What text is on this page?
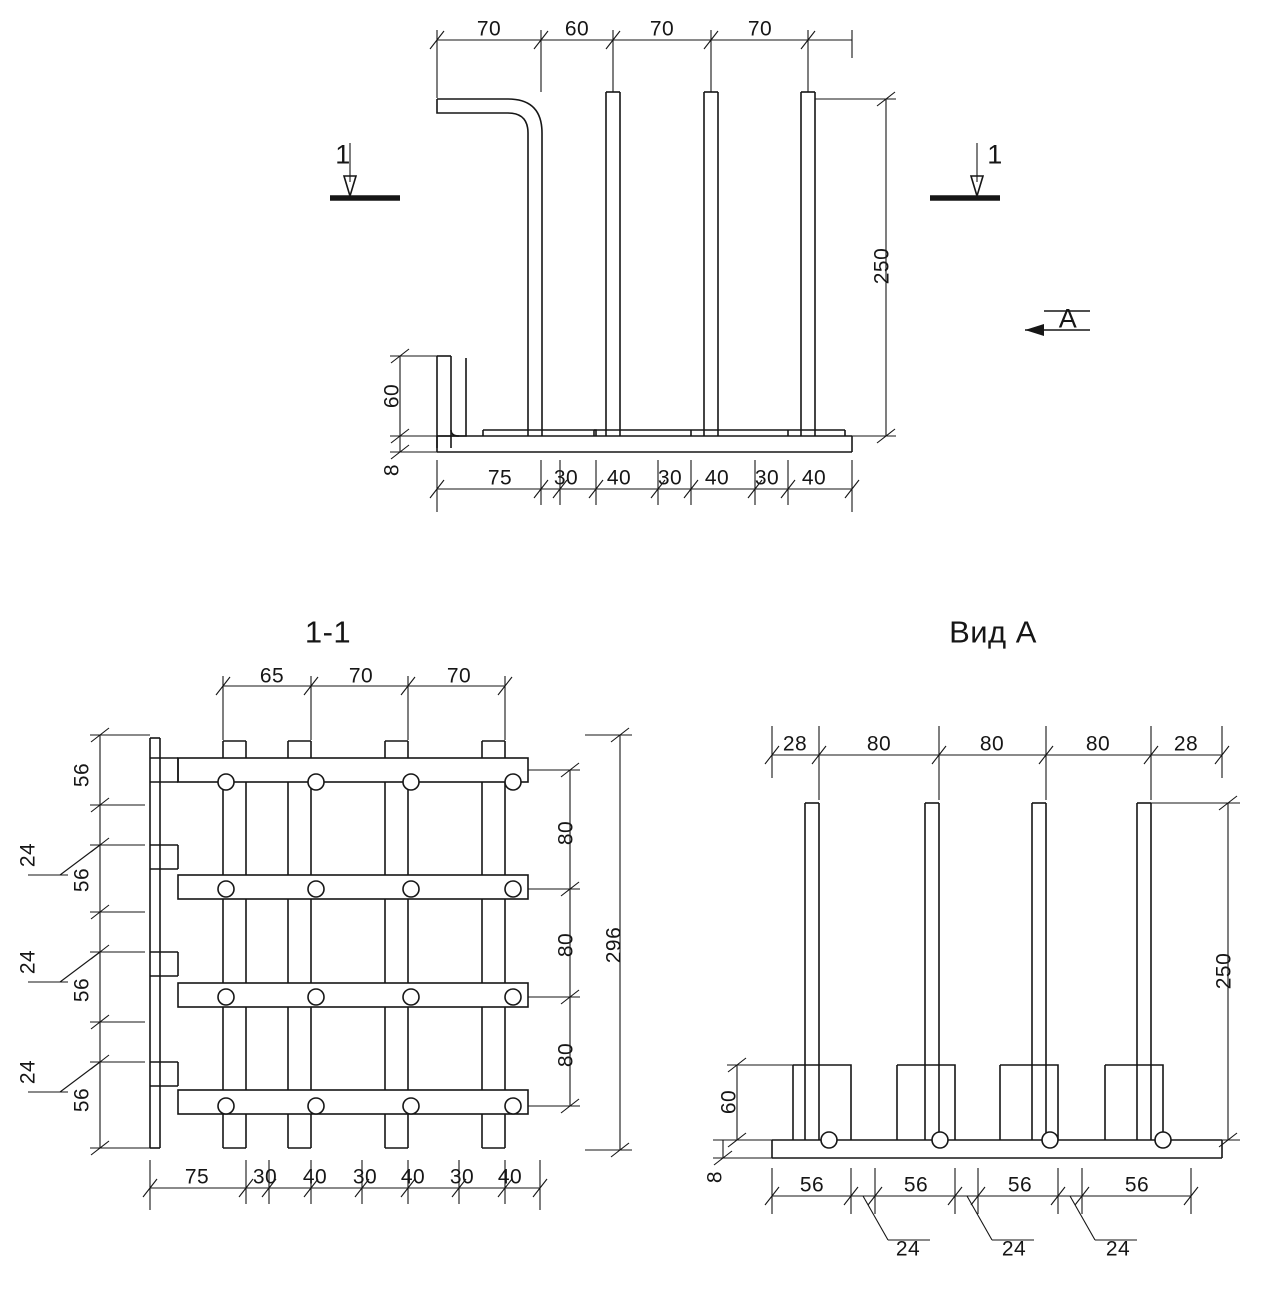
70	60	70	70
250
60
8	75 30 40 30 40 30 40
1	1
A
1‑1	Вид А
65	70	70
80
80
80
296
56
56
56
56
24
24
24
75 30 40 30 40 30 40
28	80	80	80	28
250
60
8	56	56	56	56
24	24	24
